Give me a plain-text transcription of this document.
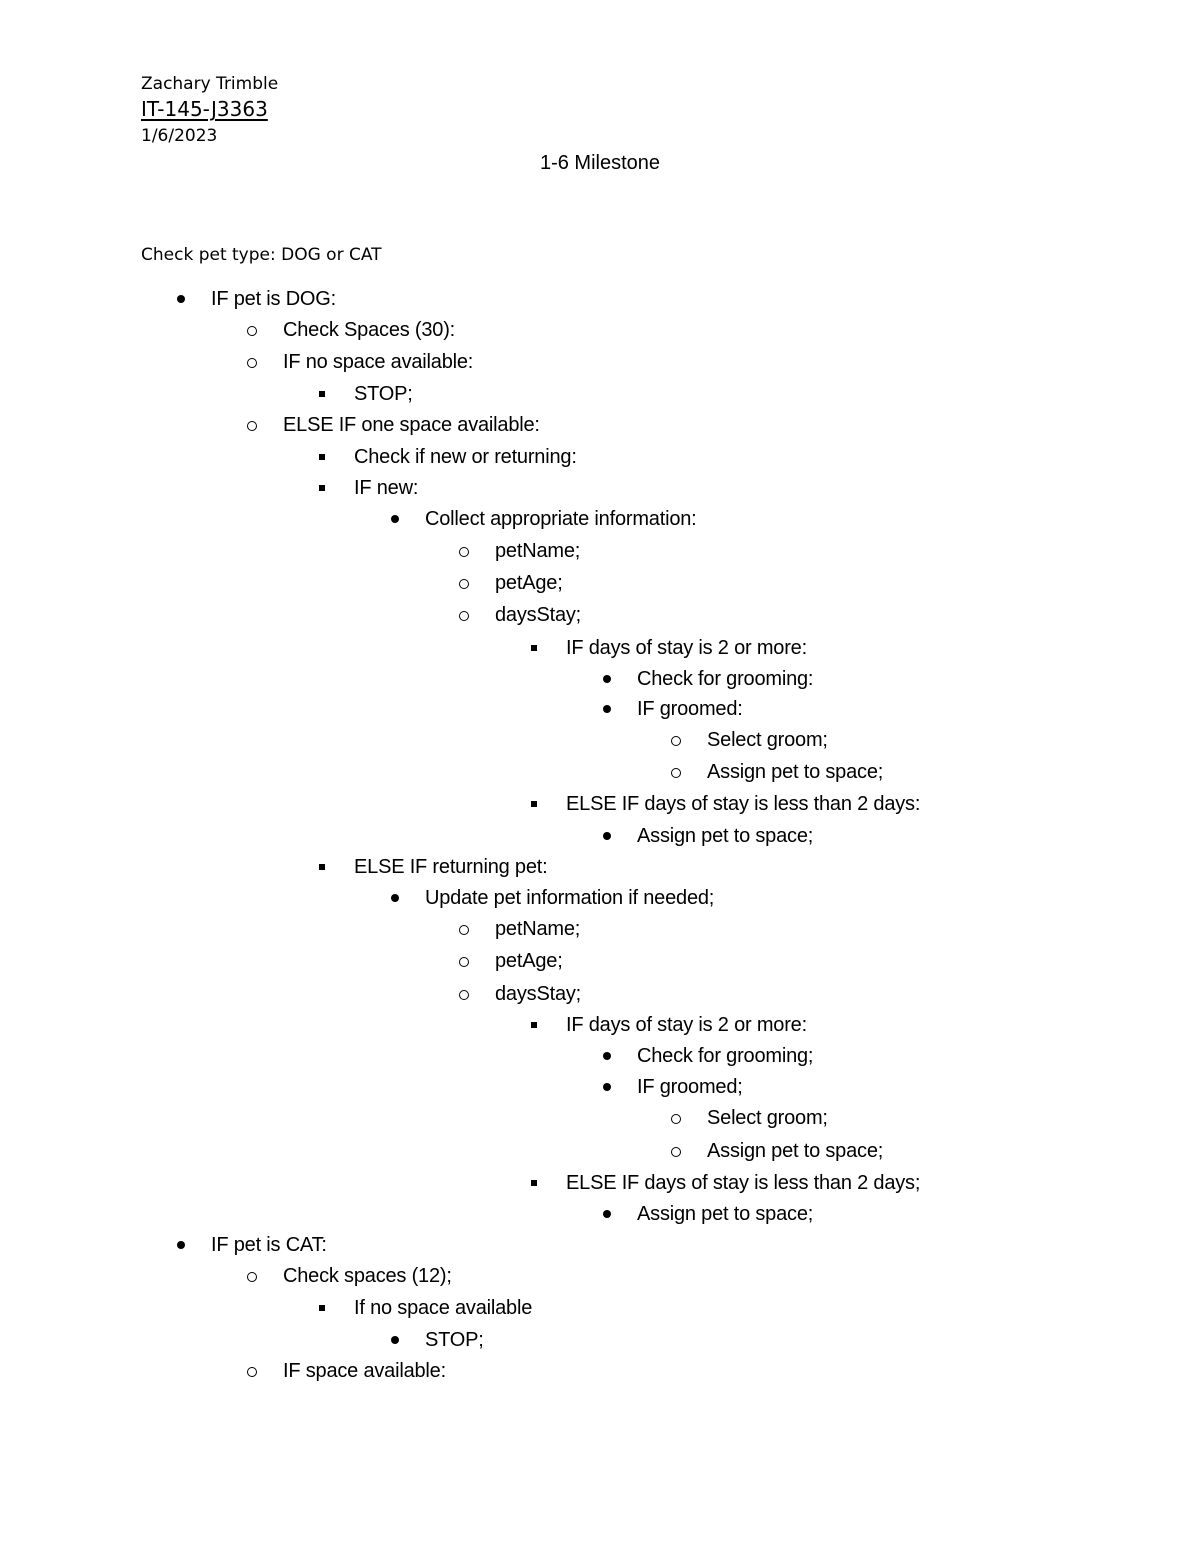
Zachary Trimble
IT-145-J3363
1/6/2023
1-6 Milestone
Check pet type: DOG or CAT
IF pet is DOG:
Check Spaces (30):
IF no space available:
STOP;
ELSE IF one space available:
Check if new or returning:
IF new:
Collect appropriate information:
petName;
petAge;
daysStay;
IF days of stay is 2 or more:
Check for grooming:
IF groomed:
Select groom;
Assign pet to space;
ELSE IF days of stay is less than 2 days:
Assign pet to space;
ELSE IF returning pet:
Update pet information if needed;
petName;
petAge;
daysStay;
IF days of stay is 2 or more:
Check for grooming;
IF groomed;
Select groom;
Assign pet to space;
ELSE IF days of stay is less than 2 days;
Assign pet to space;
IF pet is CAT:
Check spaces (12);
If no space available
STOP;
IF space available:
